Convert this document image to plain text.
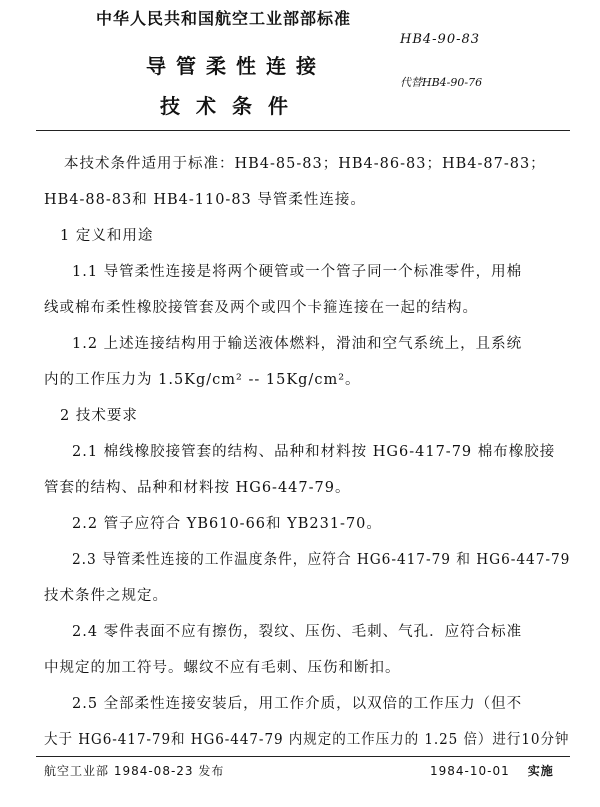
中华人民共和国航空工业部部标准
导管柔性连接
技术条件
HB4-90-83
代替HB4-90-76
本技术条件适用于标准：HB4-85-83；HB4-86-83；HB4-87-83；
HB4-88-83和 HB4-110-83 导管柔性连接。
1 定义和用途
1.1 导管柔性连接是将两个硬管或一个管子同一个标准零件，用棉
线或棉布柔性橡胶接管套及两个或四个卡箍连接在一起的结构。
1.2 上述连接结构用于输送液体燃料，滑油和空气系统上，且系统
内的工作压力为 1.5Kg/cm² -- 15Kg/cm²。
2 技术要求
2.1 棉线橡胶接管套的结构、品种和材料按 HG6-417-79 棉布橡胶接
管套的结构、品种和材料按 HG6-447-79。
2.2 管子应符合 YB610-66和 YB231-70。
2.3 导管柔性连接的工作温度条件，应符合 HG6-417-79 和 HG6-447-79
技术条件之规定。
2.4 零件表面不应有擦伤，裂纹、压伤、毛刺、气孔．应符合标准
中规定的加工符号。螺纹不应有毛刺、压伤和断扣。
2.5 全部柔性连接安装后，用工作介质，以双倍的工作压力（但不
大于 HG6-417-79和 HG6-447-79 内规定的工作压力的 1.25 倍）进行10分钟
航空工业部 1984-08-23 发布	1984-10-01 实施
